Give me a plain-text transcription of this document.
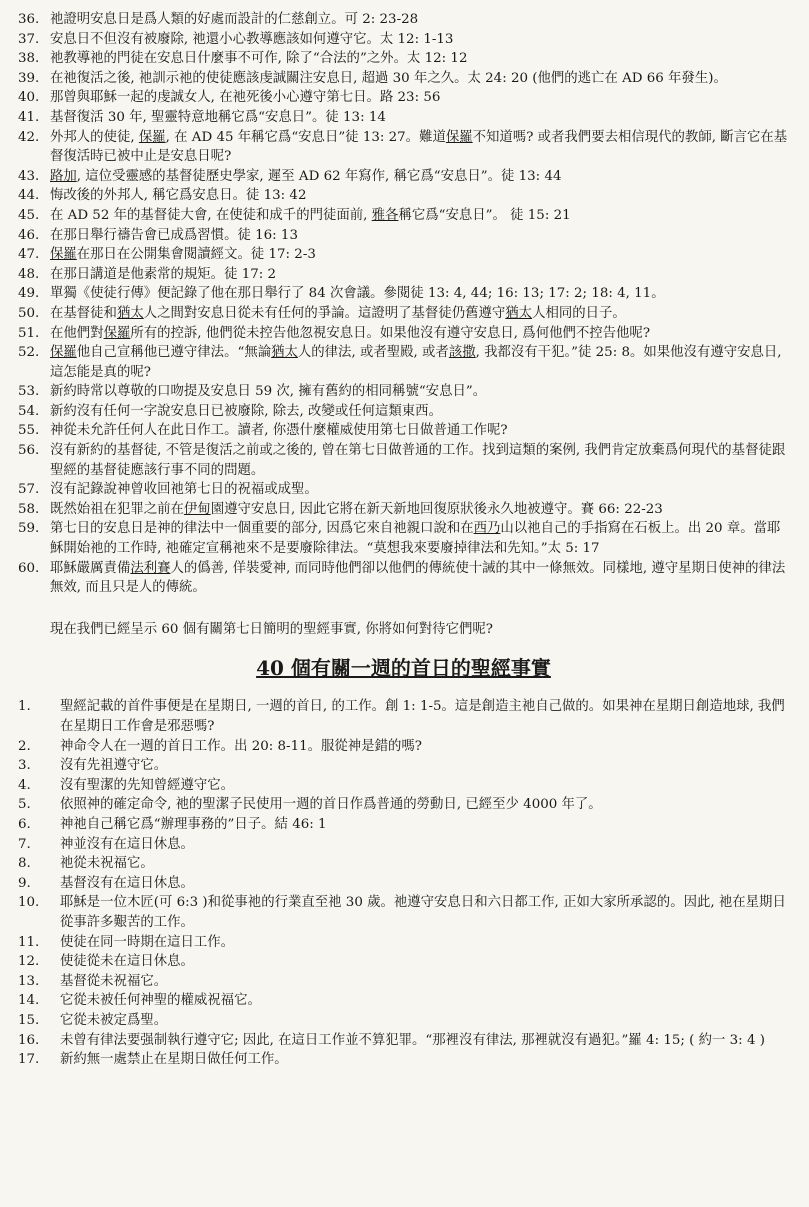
36. 祂證明安息日是爲人類的好處而設計的仁慈創立。可 2: 23-28
37. 安息日不但沒有被廢除, 祂還小心教導應該如何遵守它。太 12: 1-13
38. 祂教導祂的門徒在安息日什麼事不可作, 除了“合法的”之外。太 12: 12
39. 在祂復活之後, 祂訓示祂的使徒應該虔誠關注安息日, 超過 30 年之久。太 24: 20 (他們的逃亡在 AD 66 年發生)。
40. 那曾與耶穌一起的虔誠女人, 在祂死後小心遵守第七日。路 23: 56
41. 基督復活 30 年, 聖靈特意地稱它爲“安息日”。徒 13: 14
42. 外邦人的使徒, 保羅, 在 AD 45 年稱它爲“安息日”徒 13: 27。難道保羅不知道嗎? 或者我們要去相信現代的教師, 斷言它在基督復活時已被中止是安息日呢?
43. 路加, 這位受靈感的基督徒歷史學家, 遲至 AD 62 年寫作, 稱它爲“安息日”。徒 13: 44
44. 悔改後的外邦人, 稱它爲安息日。徒 13: 42
45. 在 AD 52 年的基督徒大會, 在使徒和成千的門徒面前, 雅各稱它爲“安息日”。 徒 15: 21
46. 在那日舉行禱告會已成爲習慣。徒 16: 13
47. 保羅在那日在公開集會閱讀經文。徒 17: 2-3
48. 在那日講道是他素常的規矩。徒 17: 2
49. 單獨《使徒行傳》便記錄了他在那日舉行了 84 次會議。參閱徒 13: 4, 44; 16: 13; 17: 2; 18: 4, 11。
50. 在基督徒和猶太人之間對安息日從未有任何的爭論。這證明了基督徒仍舊遵守猶太人相同的日子。
51. 在他們對保羅所有的控訴, 他們從未控告他忽視安息日。如果他沒有遵守安息日, 爲何他們不控告他呢?
52. 保羅他自己宣稱他已遵守律法。“無論猶太人的律法, 或者聖殿, 或者該撒, 我都沒有干犯。”徒 25: 8。如果他沒有遵守安息日, 這怎能是真的呢?
53. 新約時常以尊敬的口吻提及安息日 59 次, 擁有舊約的相同稱號“安息日”。
54. 新約沒有任何一字說安息日已被廢除, 除去, 改變或任何這類東西。
55. 神從未允許任何人在此日作工。讀者, 你憑什麼權威使用第七日做普通工作呢?
56. 沒有新約的基督徒, 不管是復活之前或之後的, 曾在第七日做普通的工作。找到這類的案例, 我們肯定放棄爲何現代的基督徒跟聖經的基督徒應該行事不同的問題。
57. 沒有記錄說神曾收回祂第七日的祝福或成聖。
58. 既然始祖在犯罪之前在伊甸園遵守安息日, 因此它將在新天新地回復原狀後永久地被遵守。賽 66: 22-23
59. 第七日的安息日是神的律法中一個重要的部分, 因爲它來自祂親口說和在西乃山以祂自己的手指寫在石板上。出 20 章。當耶穌開始祂的工作時, 祂確定宣稱祂來不是要廢除律法。“莫想我來要廢掉律法和先知。”太 5: 17
60. 耶穌嚴厲責備法利賽人的僞善, 佯裝愛神, 而同時他們卻以他們的傳統使十誡的其中一條無效。同樣地, 遵守星期日使神的律法無效, 而且只是人的傳統。

現在我們已經呈示 60 個有關第七日簡明的聖經事實, 你將如何對待它們呢?

40 個有關一週的首日的聖經事實
1.	聖經記載的首件事便是在星期日, 一週的首日, 的工作。創 1: 1-5。這是創造主祂自己做的。如果神在星期日創造地球, 我們在星期日工作會是邪惡嗎?
2.	神命令人在一週的首日工作。出 20: 8-11。服從神是錯的嗎?
3.	沒有先祖遵守它。
4.	沒有聖潔的先知曾經遵守它。
5.	依照神的確定命令, 祂的聖潔子民使用一週的首日作爲普通的勞動日, 已經至少 4000 年了。
6.	神祂自己稱它爲“辦理事務的”日子。結 46: 1
7.	神並沒有在這日休息。
8.	祂從未祝福它。
9.	基督沒有在這日休息。
10.	耶穌是一位木匠(可 6:3 )和從事祂的行業直至祂 30 歲。祂遵守安息日和六日都工作, 正如大家所承認的。因此, 祂在星期日從事許多艱苦的工作。
11.	使徒在同一時期在這日工作。
12.	使徒從未在這日休息。
13.	基督從未祝福它。
14.	它從未被任何神聖的權威祝福它。
15.	它從未被定爲聖。
16.	未曾有律法要强制執行遵守它; 因此, 在這日工作並不算犯罪。“那裡沒有律法, 那裡就沒有過犯。”羅 4: 15; ( 約一 3: 4 )
17.	新約無一處禁止在星期日做任何工作。
